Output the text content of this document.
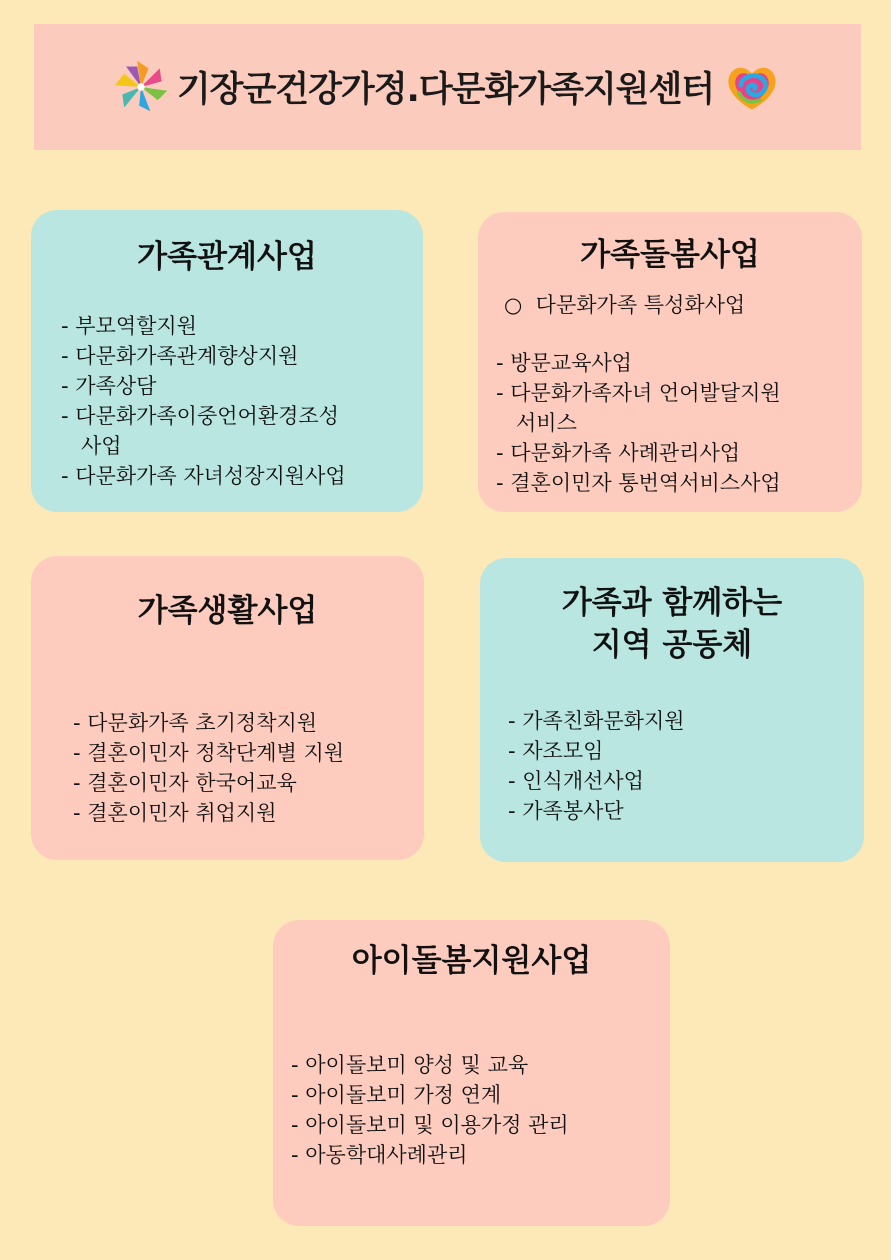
기장군건강가정.다문화가족지원센터
가족관계사업
- 부모역할지원
- 다문화가족관계향상지원
- 가족상담
- 다문화가족이중언어환경조성
사업
- 다문화가족 자녀성장지원사업
가족돌봄사업
○  다문화가족 특성화사업
- 방문교육사업
- 다문화가족자녀 언어발달지원
서비스
- 다문화가족 사례관리사업
- 결혼이민자 통번역서비스사업
가족생활사업
- 다문화가족 초기정착지원
- 결혼이민자 정착단계별 지원
- 결혼이민자 한국어교육
- 결혼이민자 취업지원
가족과 함께하는
지역 공동체
- 가족친화문화지원
- 자조모임
- 인식개선사업
- 가족봉사단
아이돌봄지원사업
- 아이돌보미 양성 및 교육
- 아이돌보미 가정 연계
- 아이돌보미 및 이용가정 관리
- 아동학대사례관리
